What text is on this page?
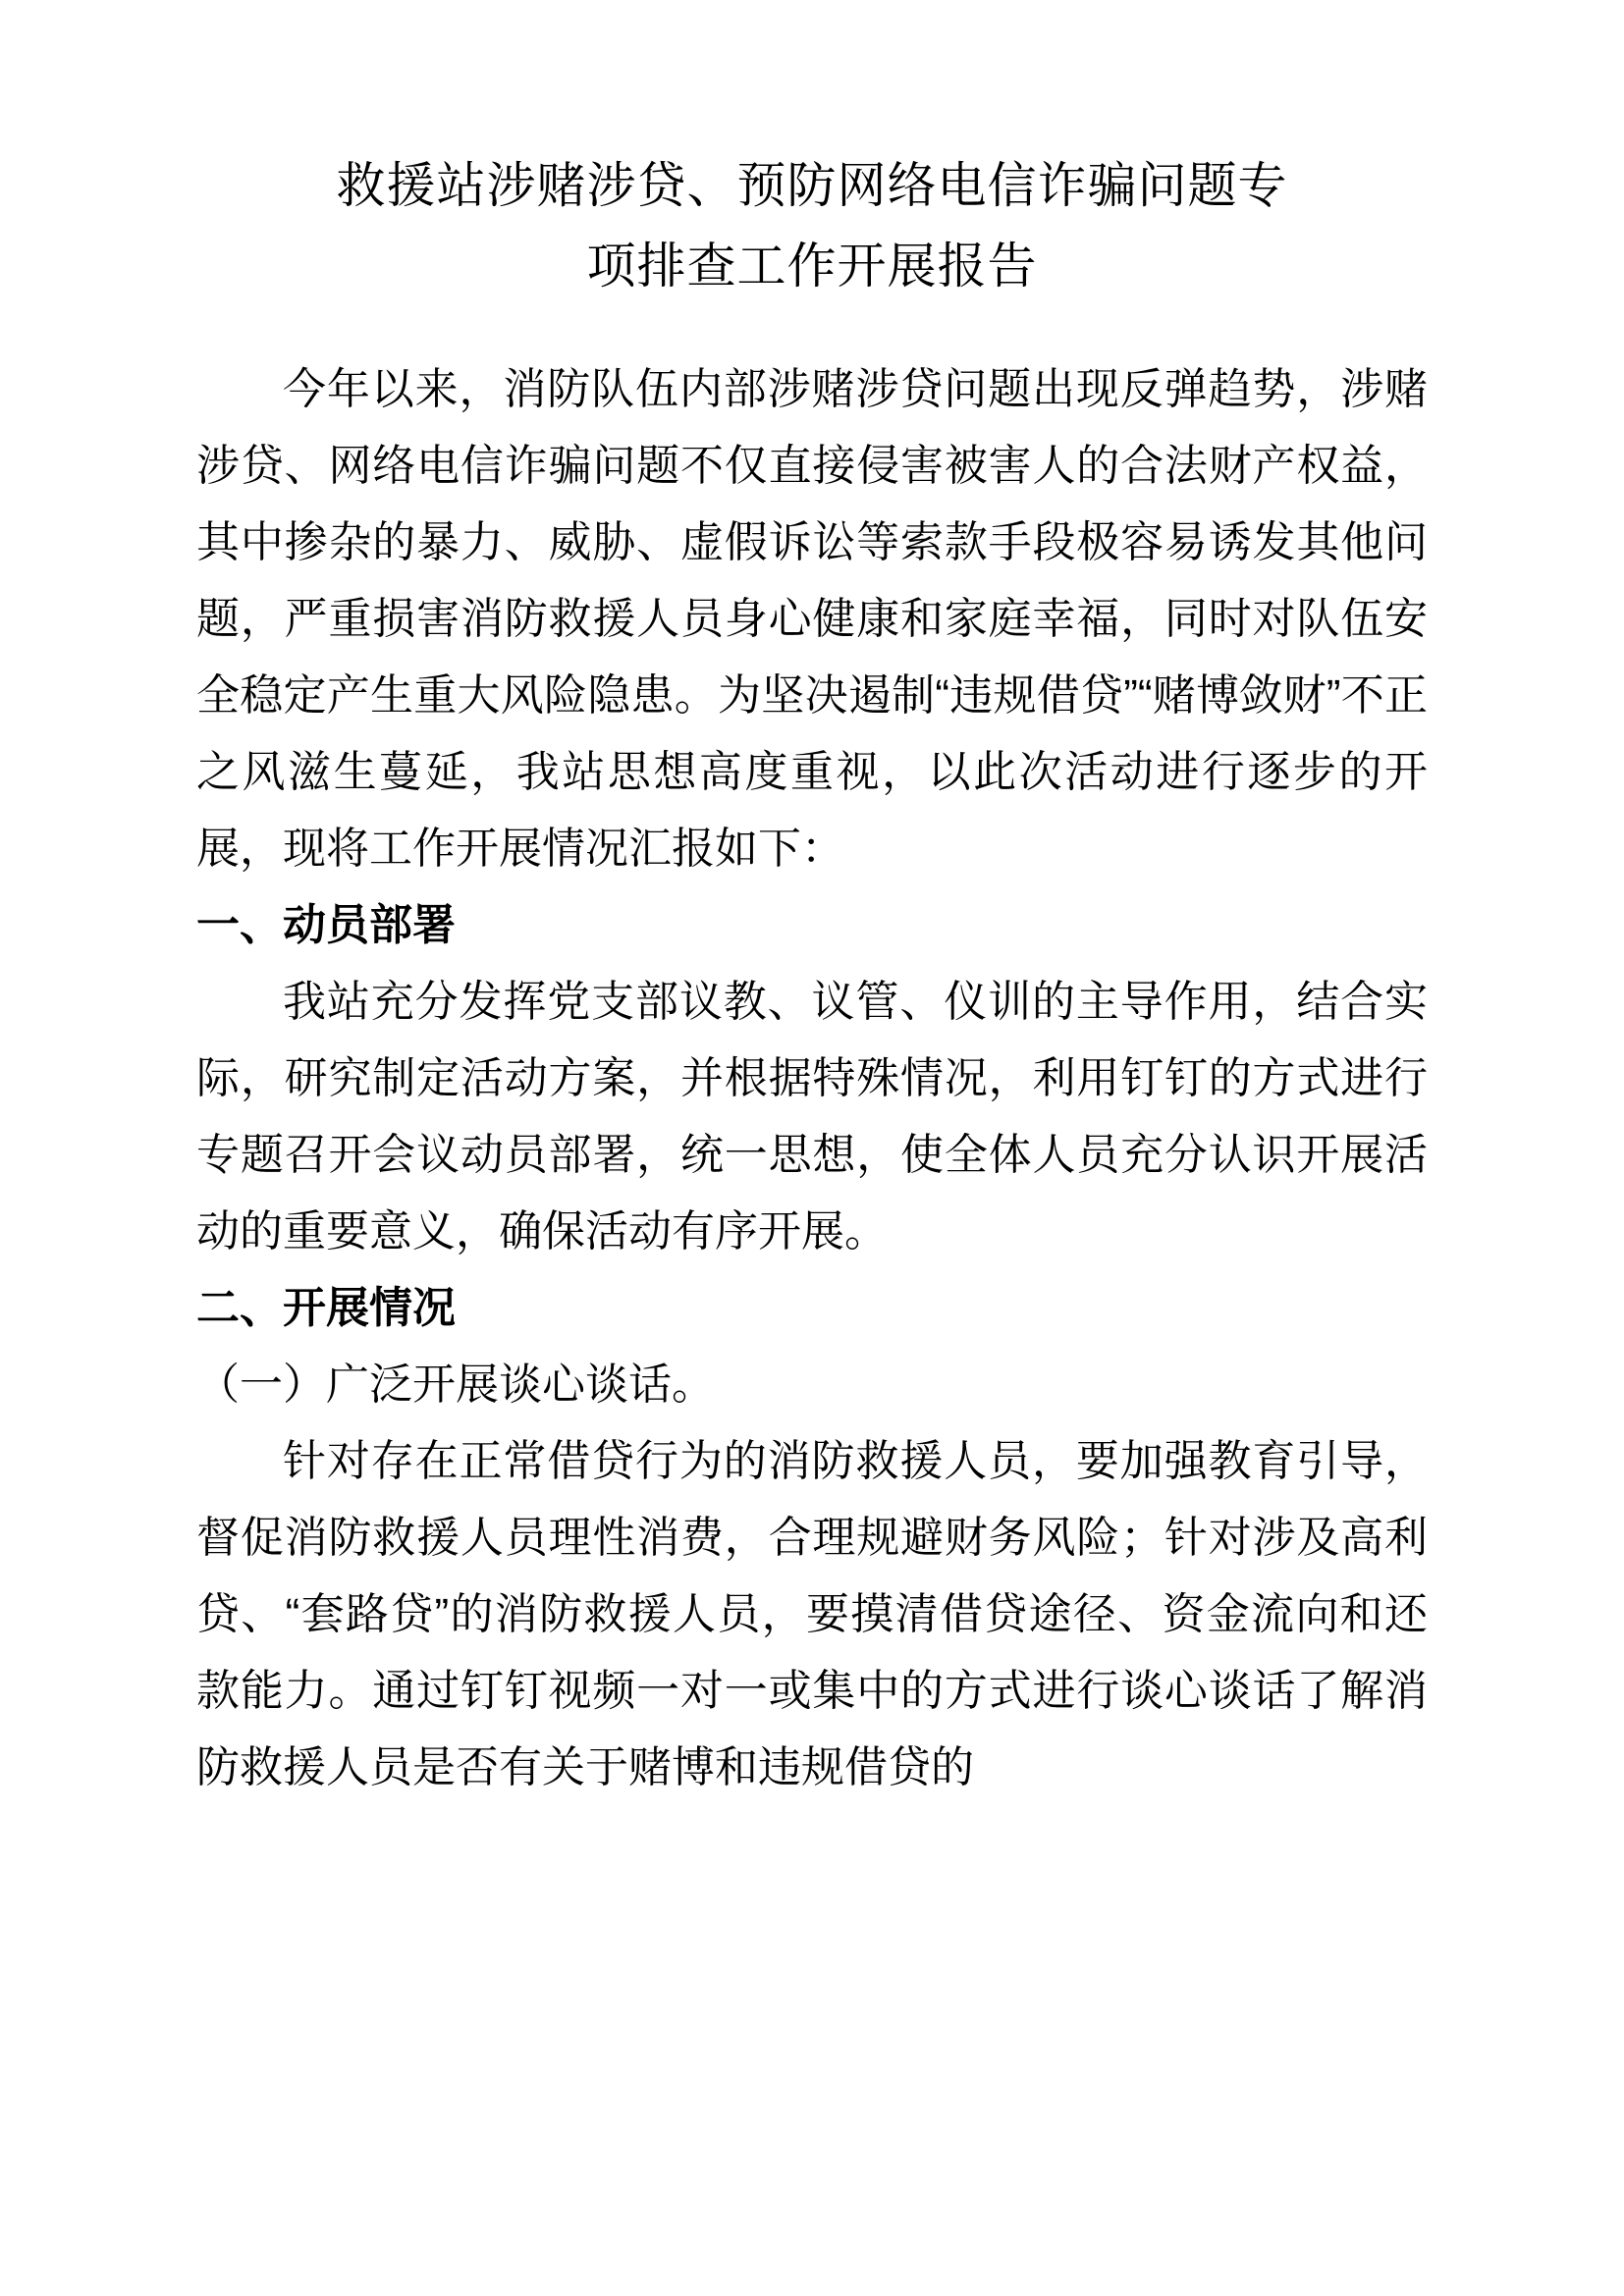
救援站涉赌涉贷、预防网络电信诈骗问题专项排查工作开展报告

今年以来，消防队伍内部涉赌涉贷问题出现反弹趋势，涉赌涉贷、网络电信诈骗问题不仅直接侵害被害人的合法财产权益，其中掺杂的暴力、威胁、虚假诉讼等索款手段极容易诱发其他问题，严重损害消防救援人员身心健康和家庭幸福，同时对队伍安全稳定产生重大风险隐患。为坚决遏制“违规借贷”“赌博敛财”不正之风滋生蔓延，我站思想高度重视，以此次活动进行逐步的开展，现将工作开展情况汇报如下：

一、动员部署

我站充分发挥党支部议教、议管、仪训的主导作用，结合实际，研究制定活动方案，并根据特殊情况，利用钉钉的方式进行专题召开会议动员部署，统一思想，使全体人员充分认识开展活动的重要意义，确保活动有序开展。

二、开展情况

（一）广泛开展谈心谈话。

针对存在正常借贷行为的消防救援人员，要加强教育引导，督促消防救援人员理性消费，合理规避财务风险；针对涉及高利贷、“套路贷”的消防救援人员，要摸清借贷途径、资金流向和还款能力。通过钉钉视频一对一或集中的方式进行谈心谈话了解消防救援人员是否有关于赌博和违规借贷的
